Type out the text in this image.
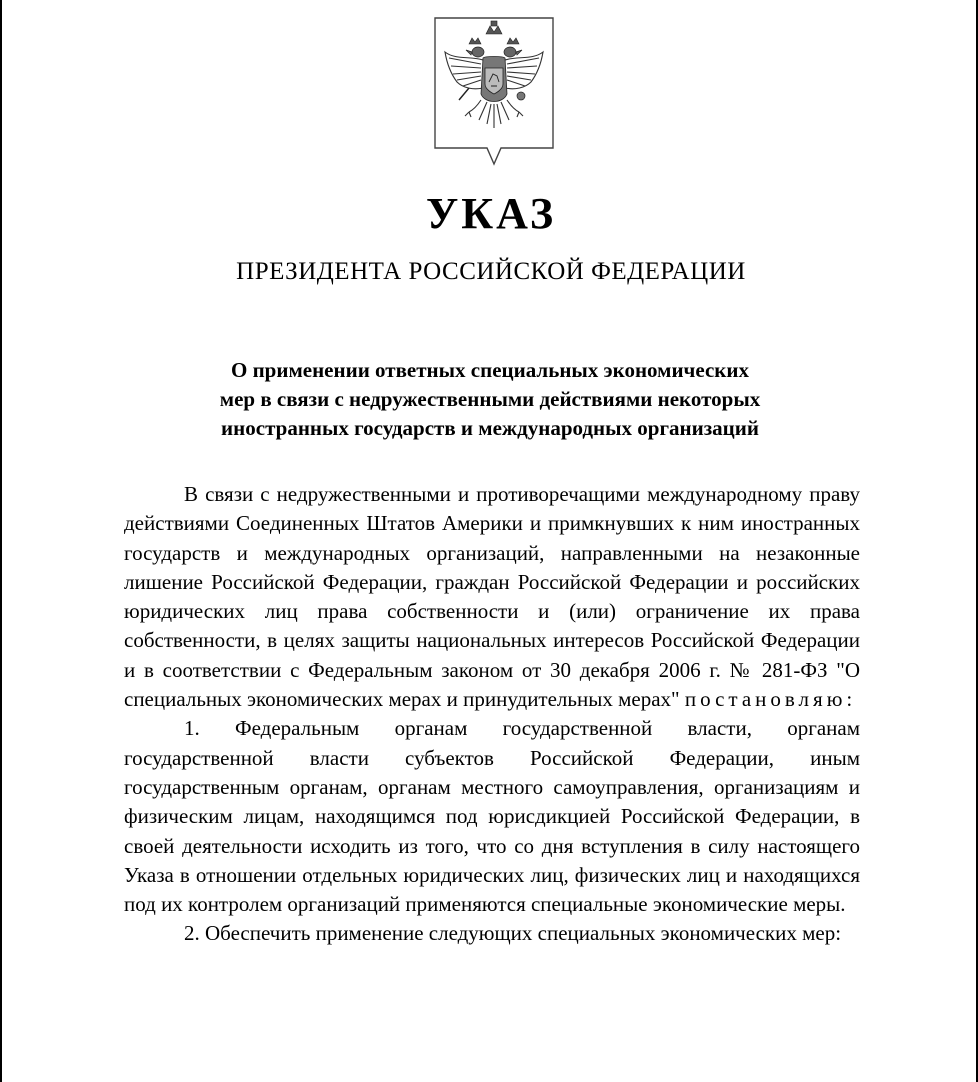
УКАЗ
ПРЕЗИДЕНТА РОССИЙСКОЙ ФЕДЕРАЦИИ
О применении ответных специальных экономических
мер в связи с недружественными действиями некоторых
иностранных государств и международных организаций

В связи с недружественными и противоречащими международному праву действиями Соединенных Штатов Америки и примкнувших к ним иностранных государств и международных организаций, направленными на незаконные лишение Российской Федерации, граждан Российской Федерации и российских юридических лиц права собственности и (или) ограничение их права собственности, в целях защиты национальных интересов Российской Федерации и в соответствии с Федеральным законом от 30 декабря 2006 г. № 281-ФЗ "О специальных экономических мерах и принудительных мерах" постановляю:

1. Федеральным органам государственной власти, органам государственной власти субъектов Российской Федерации, иным государственным органам, органам местного самоуправления, организациям и физическим лицам, находящимся под юрисдикцией Российской Федерации, в своей деятельности исходить из того, что со дня вступления в силу настоящего Указа в отношении отдельных юридических лиц, физических лиц и находящихся под их контролем организаций применяются специальные экономические меры.

2. Обеспечить применение следующих специальных экономических мер:
